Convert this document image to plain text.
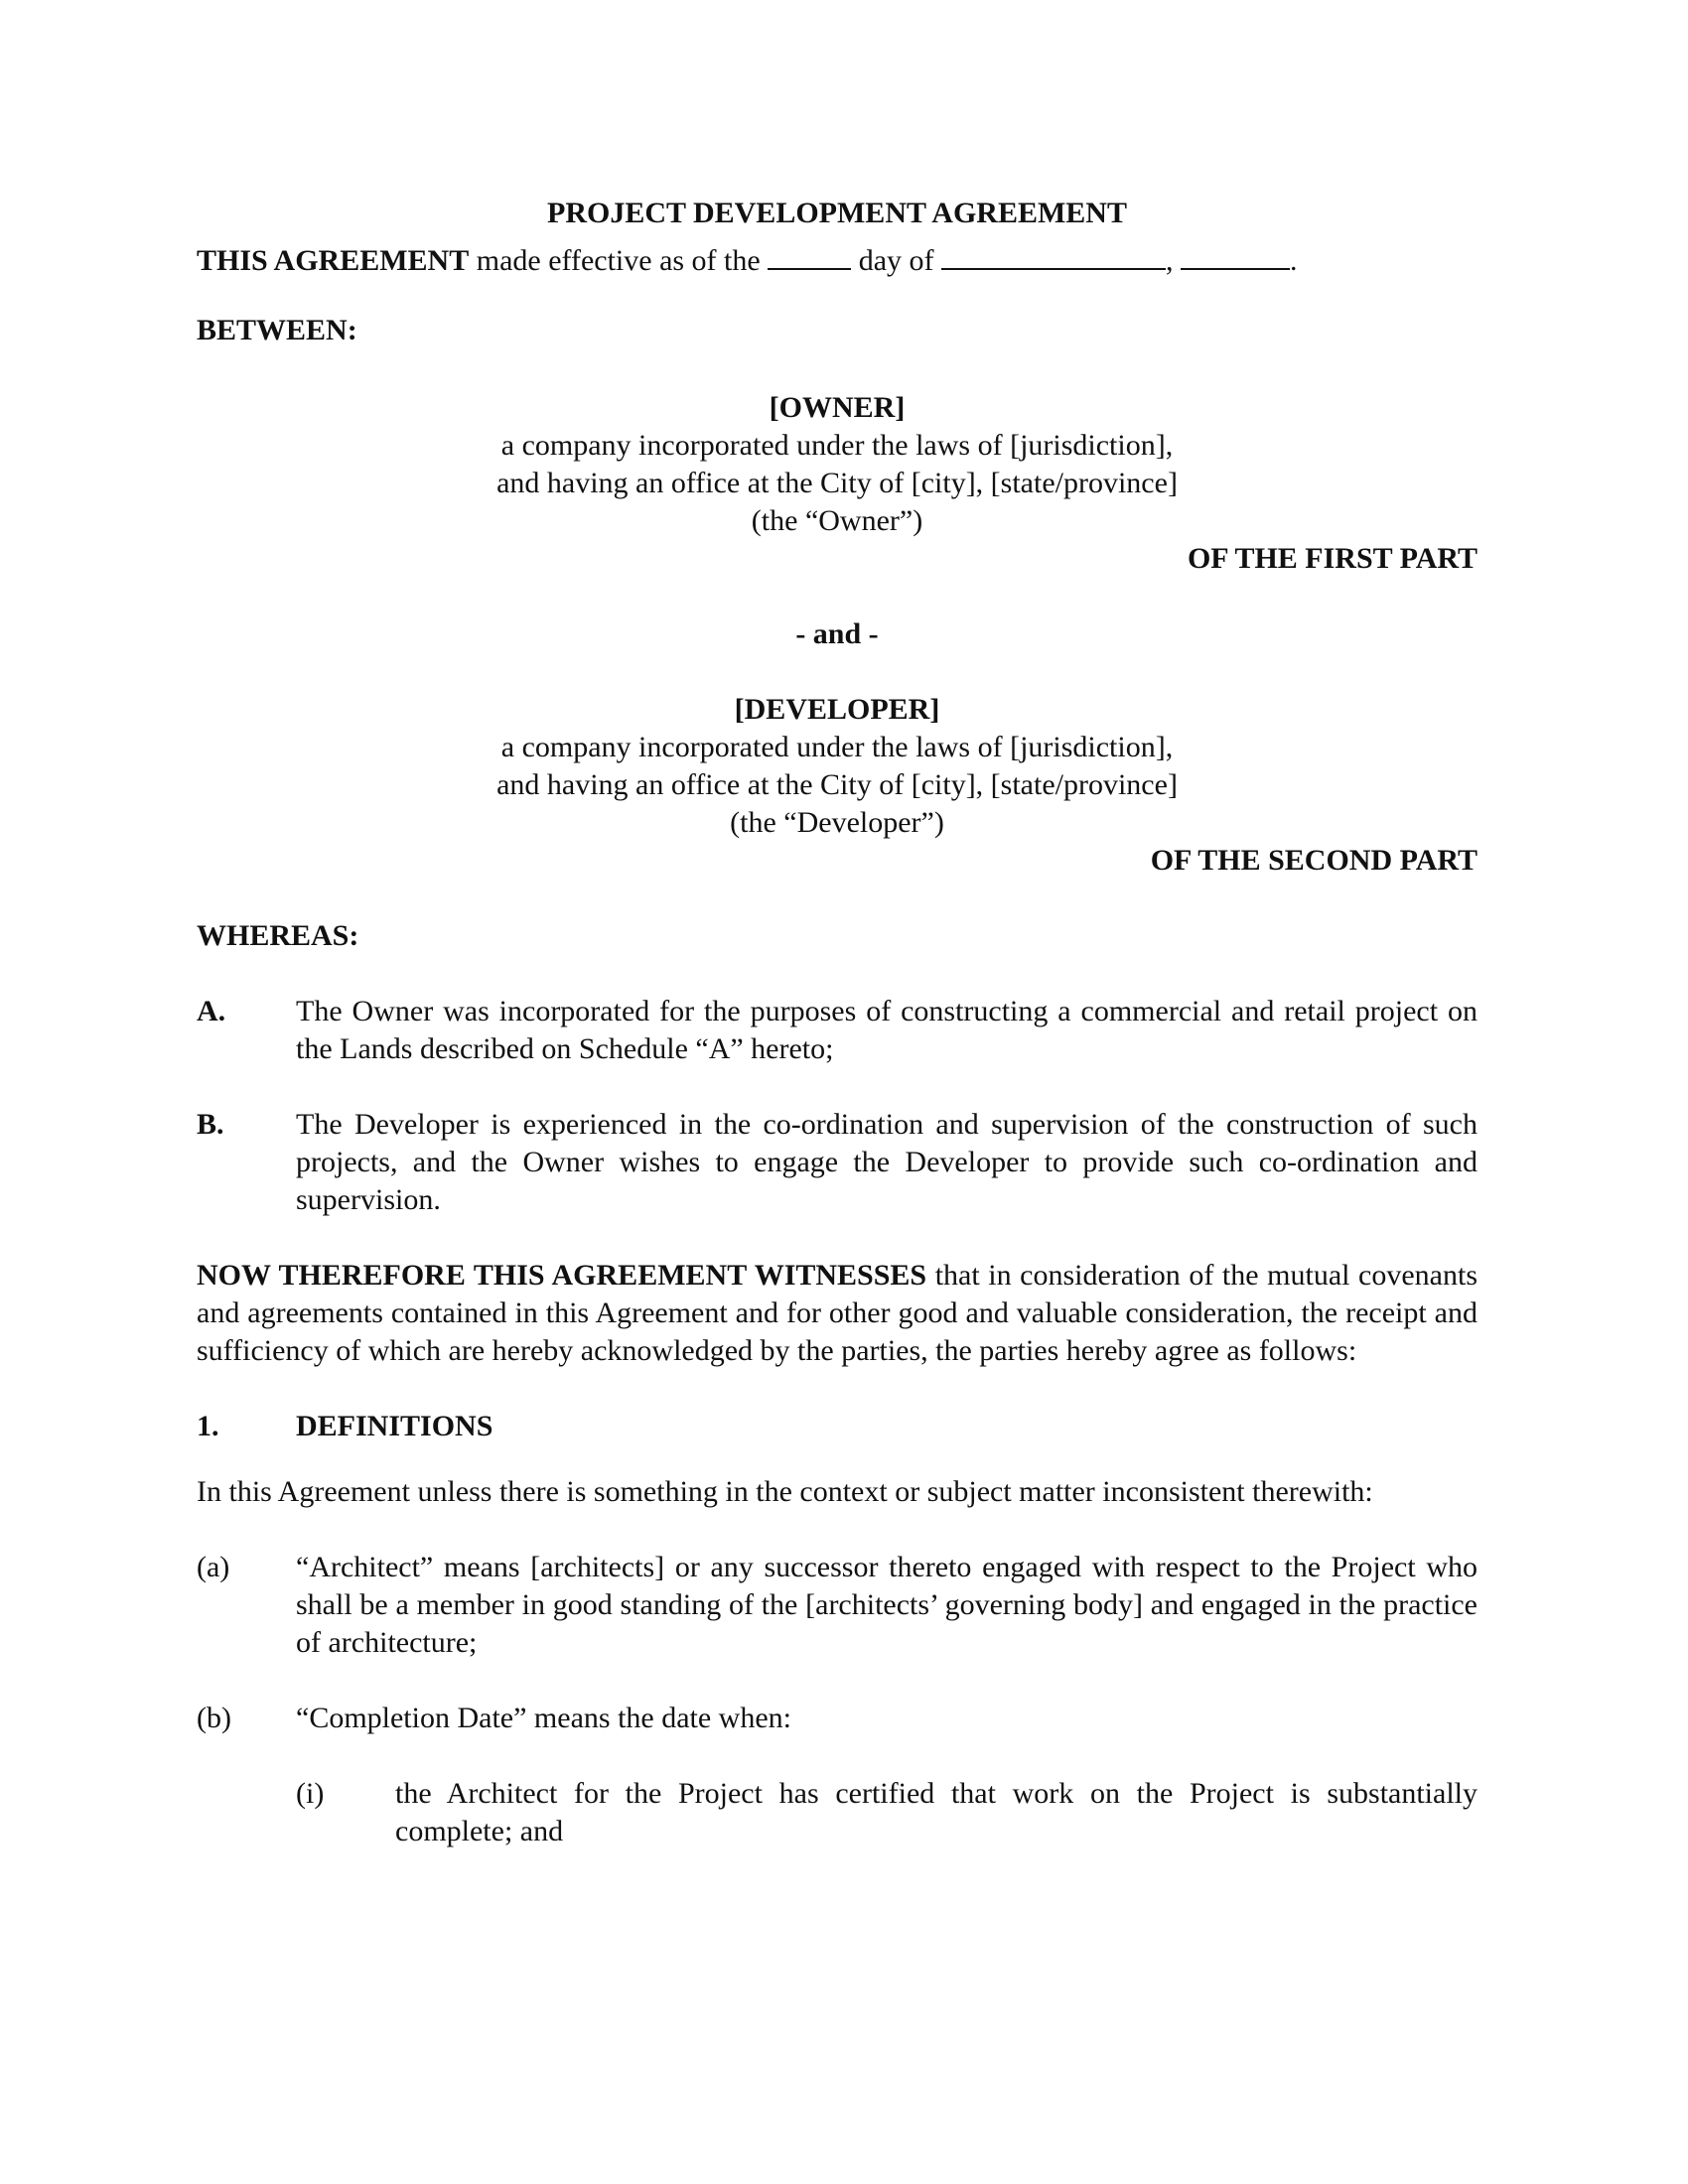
PROJECT DEVELOPMENT AGREEMENT

THIS AGREEMENT made effective as of the	day of	,	.

BETWEEN:

[OWNER]

a company incorporated under the laws of [jurisdiction],

and having an office at the City of [city], [state/province]

(the “Owner”)

OF THE FIRST PART

- and -

[DEVELOPER]

a company incorporated under the laws of [jurisdiction],

and having an office at the City of [city], [state/province]

(the “Developer”)

OF THE SECOND PART

WHEREAS:

A. The Owner was incorporated for the purposes of constructing a commercial and retail project on the Lands described on Schedule “A” hereto;
B. The Developer is experienced in the co-ordination and supervision of the construction of such projects, and the Owner wishes to engage the Developer to provide such co-ordination and supervision.

NOW THEREFORE THIS AGREEMENT WITNESSES that in consideration of the mutual covenants and agreements contained in this Agreement and for other good and valuable consideration, the receipt and sufficiency of which are hereby acknowledged by the parties, the parties hereby agree as follows:

1.	DEFINITIONS

In this Agreement unless there is something in the context or subject matter inconsistent therewith:

(a) “Architect” means [architects] or any successor thereto engaged with respect to the Project who shall be a member in good standing of the [architects’ governing body] and engaged in the practice of architecture;
(b) “Completion Date” means the date when:
(i) the Architect for the Project has certified that work on the Project is substantially complete; and
